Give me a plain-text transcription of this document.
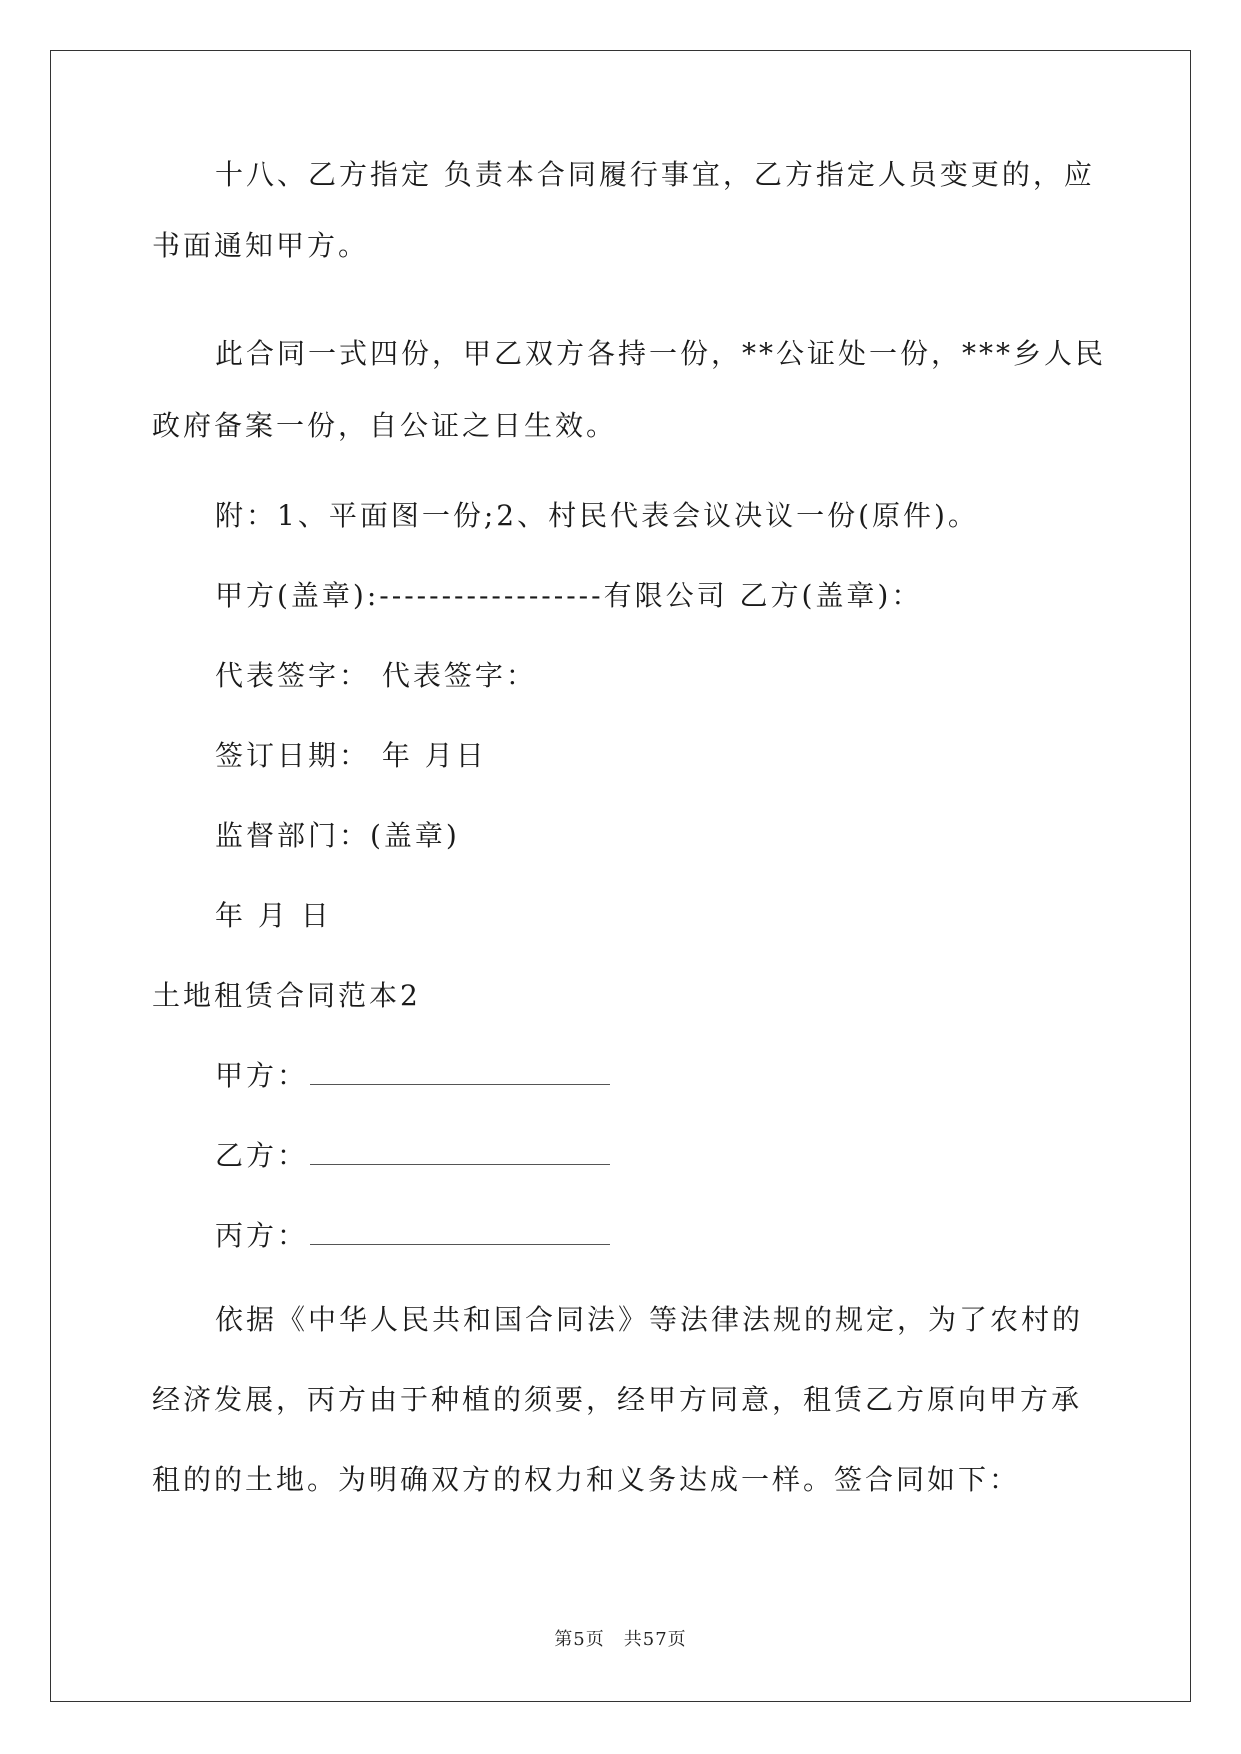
十八、乙方指定 负责本合同履行事宜，乙方指定人员变更的，应
书面通知甲方。
此合同一式四份，甲乙双方各持一份，**公证处一份，***乡人民
政府备案一份，自公证之日生效。
附：1、平面图一份;2、村民代表会议决议一份(原件)。
甲方(盖章):------------------有限公司 乙方(盖章)：
代表签字： 代表签字：
签订日期： 年 月日
监督部门：(盖章)
年 月 日
土地租赁合同范本2
甲方：
乙方：
丙方：
依据《中华人民共和国合同法》等法律法规的规定，为了农村的
经济发展，丙方由于种植的须要，经甲方同意，租赁乙方原向甲方承
租的的土地。为明确双方的权力和义务达成一样。签合同如下：
第5页　共57页
